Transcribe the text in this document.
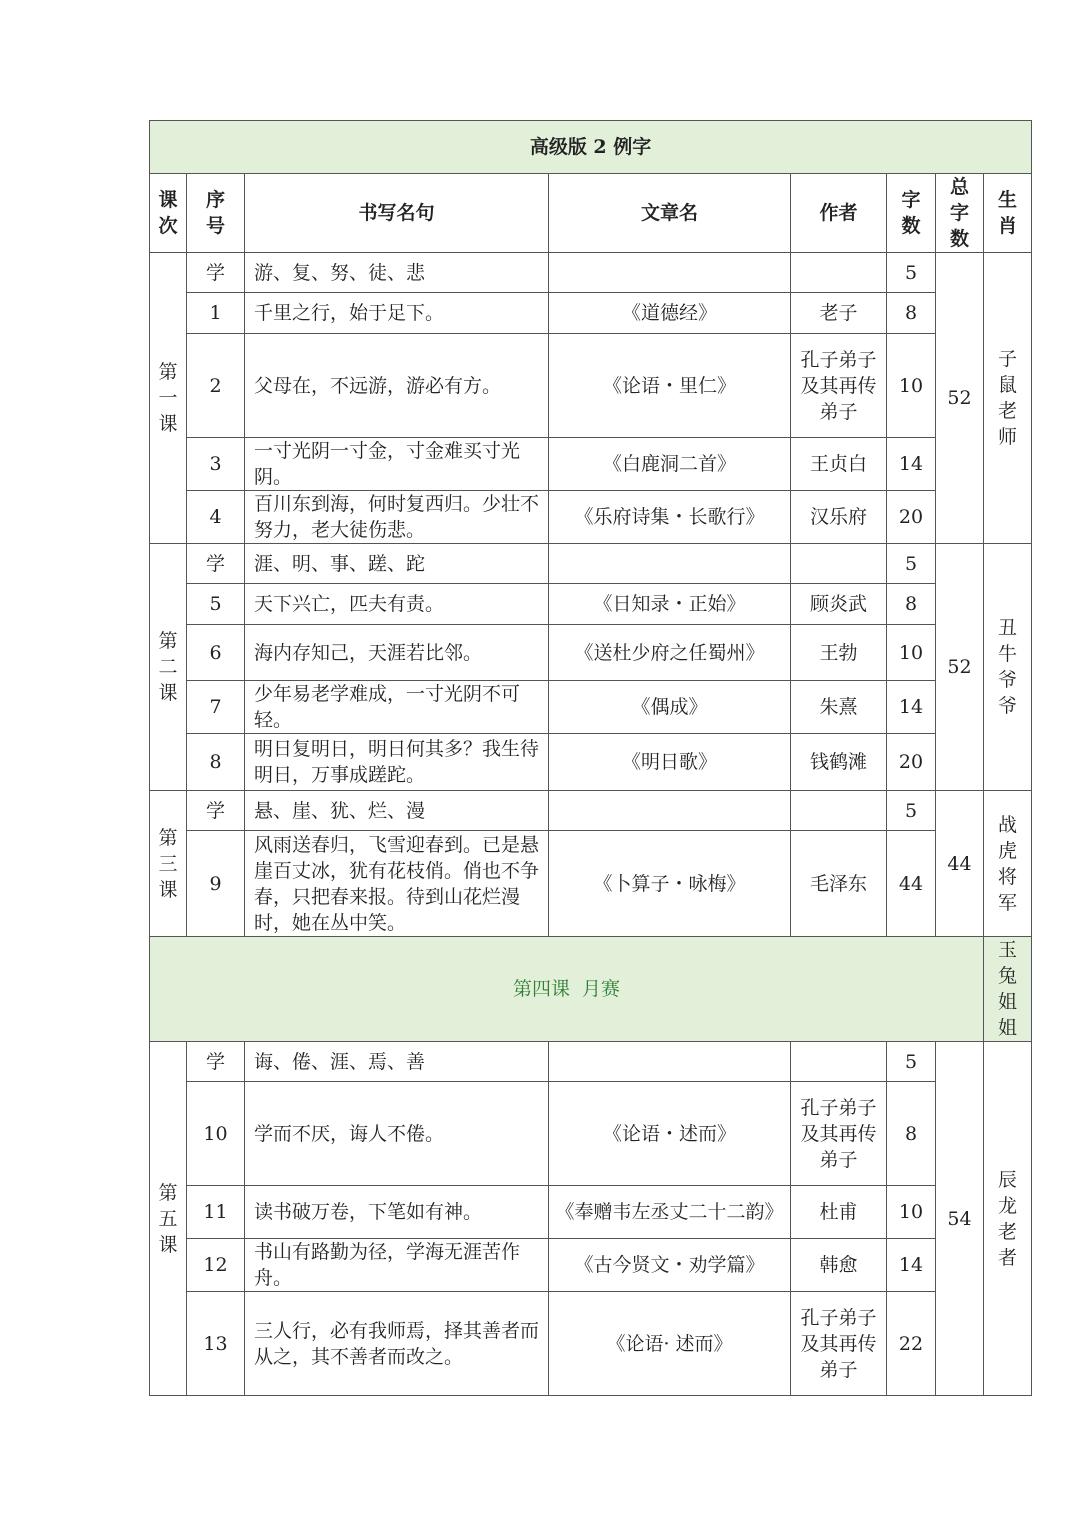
高级版 2 例字							

课次	序号	书写名句	文章名	作者	字数	总字数	生肖

第一课	学	游、复、努、徒、悲			5	52	子鼠老师

	1	千里之行，始于足下。	《道德经》	老子	8		
	2	父母在，不远游，游必有方。	《论语・里仁》	孔子弟子及其再传弟子	10		
	3	一寸光阴一寸金，寸金难买寸光阴。	《白鹿洞二首》	王贞白	14		
	4	百川东到海，何时复西归。少壮不努力，老大徒伤悲。	《乐府诗集・长歌行》	汉乐府	20		

第二课	学	涯、明、事、蹉、跎			5	52	丑牛爷爷

	5	天下兴亡，匹夫有责。	《日知录・正始》	顾炎武	8		
	6	海内存知己，天涯若比邻。	《送杜少府之任蜀州》	王勃	10		
	7	少年易老学难成，一寸光阴不可轻。	《偶成》	朱熹	14		
	8	明日复明日，明日何其多？我生待明日，万事成蹉跎。	《明日歌》	钱鹤滩	20		

第三课	学	悬、崖、犹、烂、漫			5	44	战虎将军

	9	风雨送春归，飞雪迎春到。已是悬崖百丈冰，犹有花枝俏。俏也不争春，只把春来报。待到山花烂漫时，她在丛中笑。	《卜算子・咏梅》	毛泽东	44		
第四课  月赛							玉兔姐姐

第五课	学	诲、倦、涯、焉、善			5	54	辰龙老者

	10	学而不厌，诲人不倦。	《论语・述而》	孔子弟子及其再传弟子	8		
	11	读书破万卷，下笔如有神。	《奉赠韦左丞丈二十二韵》	杜甫	10		
	12	书山有路勤为径，学海无涯苦作舟。	《古今贤文・劝学篇》	韩愈	14		
	13	三人行，必有我师焉，择其善者而从之，其不善者而改之。	《论语· 述而》	孔子弟子及其再传弟子	22		
